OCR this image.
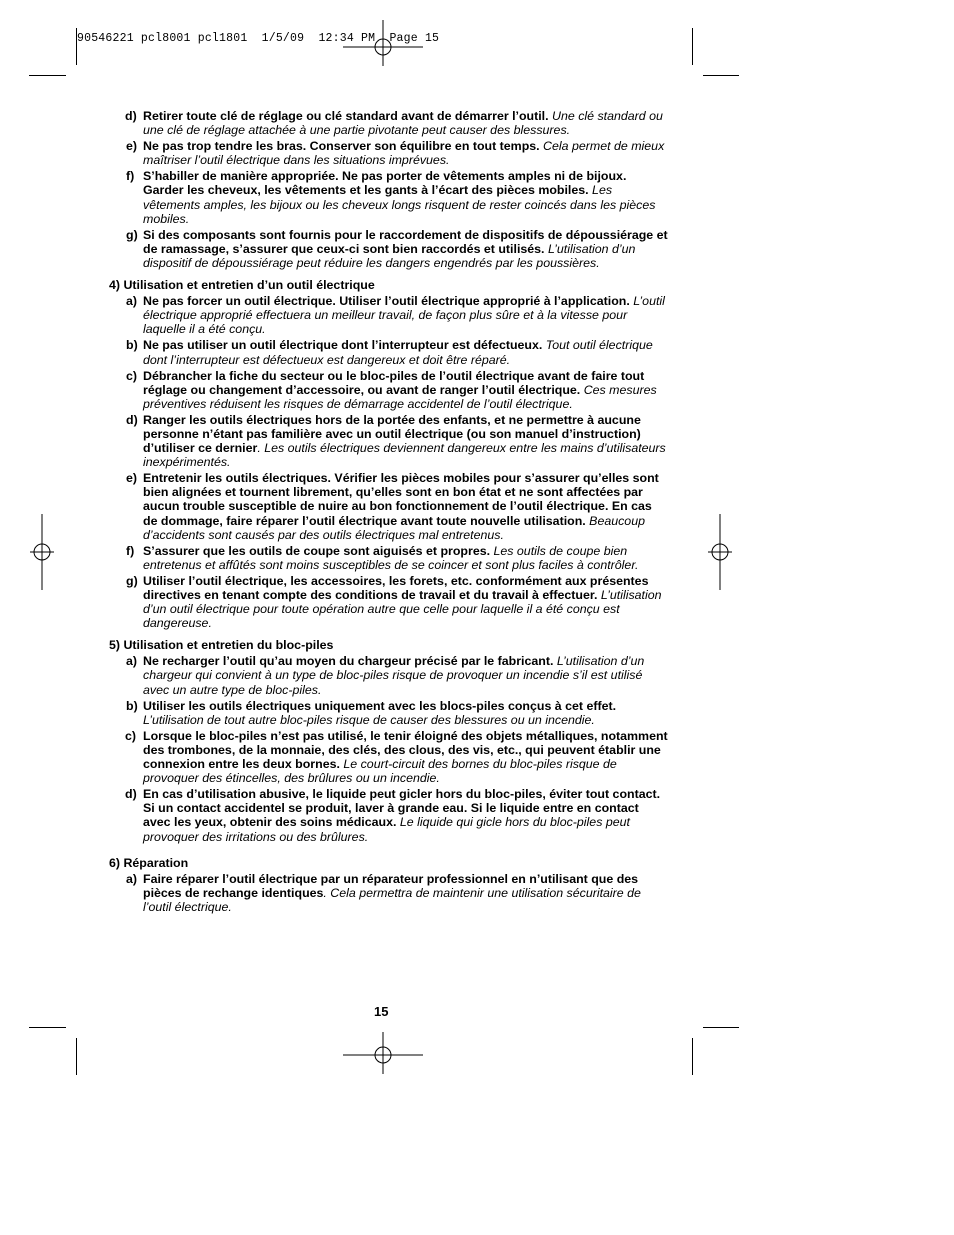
90546221 pcl8001 pcl1801  1/5/09  12:34 PM  Page 15
d) Retirer toute clé de réglage ou clé standard avant de démarrer l’outil. Une clé standard ou une clé de réglage attachée à une partie pivotante peut causer des blessures.
e) Ne pas trop tendre les bras. Conserver son équilibre en tout temps. Cela permet de mieux maîtriser l’outil électrique dans les situations imprévues.
f) S’habiller de manière appropriée. Ne pas porter de vêtements amples ni de bijoux. Garder les cheveux, les vêtements et les gants à l’écart des pièces mobiles. Les vêtements amples, les bijoux ou les cheveux longs risquent de rester coincés dans les pièces mobiles.
g) Si des composants sont fournis pour le raccordement de dispositifs de dépoussiérage et de ramassage, s’assurer que ceux-ci sont bien raccordés et utilisés. L’utilisation d’un dispositif de dépoussiérage peut réduire les dangers engendrés par les poussières.
4) Utilisation et entretien d’un outil électrique
a) Ne pas forcer un outil électrique. Utiliser l’outil électrique approprié à l’application. L’outil électrique approprié effectuera un meilleur travail, de façon plus sûre et à la vitesse pour laquelle il a été conçu.
b) Ne pas utiliser un outil électrique dont l’interrupteur est défectueux. Tout outil électrique dont l’interrupteur est défectueux est dangereux et doit être réparé.
c) Débrancher la fiche du secteur ou le bloc-piles de l’outil électrique avant de faire tout réglage ou changement d’accessoire, ou avant de ranger l’outil électrique. Ces mesures préventives réduisent les risques de démarrage accidentel de l’outil électrique.
d) Ranger les outils électriques hors de la portée des enfants, et ne permettre à aucune personne n’étant pas familière avec un outil électrique (ou son manuel d’instruction) d’utiliser ce dernier. Les outils électriques deviennent dangereux entre les mains d’utilisateurs inexpérimentés.
e) Entretenir les outils électriques. Vérifier les pièces mobiles pour s’assurer qu’elles sont bien alignées et tournent librement, qu’elles sont en bon état et ne sont affectées par aucun trouble susceptible de nuire au bon fonctionnement de l’outil électrique. En cas de dommage, faire réparer l’outil électrique avant toute nouvelle utilisation. Beaucoup d’accidents sont causés par des outils électriques mal entretenus.
f) S’assurer que les outils de coupe sont aiguisés et propres. Les outils de coupe bien entretenus et affûtés sont moins susceptibles de se coincer et sont plus faciles à contrôler.
g) Utiliser l’outil électrique, les accessoires, les forets, etc. conformément aux présentes directives en tenant compte des conditions de travail et du travail à effectuer. L’utilisation d’un outil électrique pour toute opération autre que celle pour laquelle il a été conçu est dangereuse.
5) Utilisation et entretien du bloc-piles
a) Ne recharger l’outil qu’au moyen du chargeur précisé par le fabricant. L’utilisation d’un chargeur qui convient à un type de bloc-piles risque de provoquer un incendie s’il est utilisé avec un autre type de bloc-piles.
b) Utiliser les outils électriques uniquement avec les blocs-piles conçus à cet effet. L’utilisation de tout autre bloc-piles risque de causer des blessures ou un incendie.
c) Lorsque le bloc-piles n’est pas utilisé, le tenir éloigné des objets métalliques, notamment des trombones, de la monnaie, des clés, des clous, des vis, etc., qui peuvent établir une connexion entre les deux bornes. Le court-circuit des bornes du bloc-piles risque de provoquer des étincelles, des brûlures ou un incendie.
d) En cas d’utilisation abusive, le liquide peut gicler hors du bloc-piles, éviter tout contact. Si un contact accidentel se produit, laver à grande eau. Si le liquide entre en contact avec les yeux, obtenir des soins médicaux. Le liquide qui gicle hors du bloc-piles peut provoquer des irritations ou des brûlures.
6) Réparation
a) Faire réparer l’outil électrique par un réparateur professionnel en n’utilisant que des pièces de rechange identiques. Cela permettra de maintenir une utilisation sécuritaire de l’outil électrique.
15
